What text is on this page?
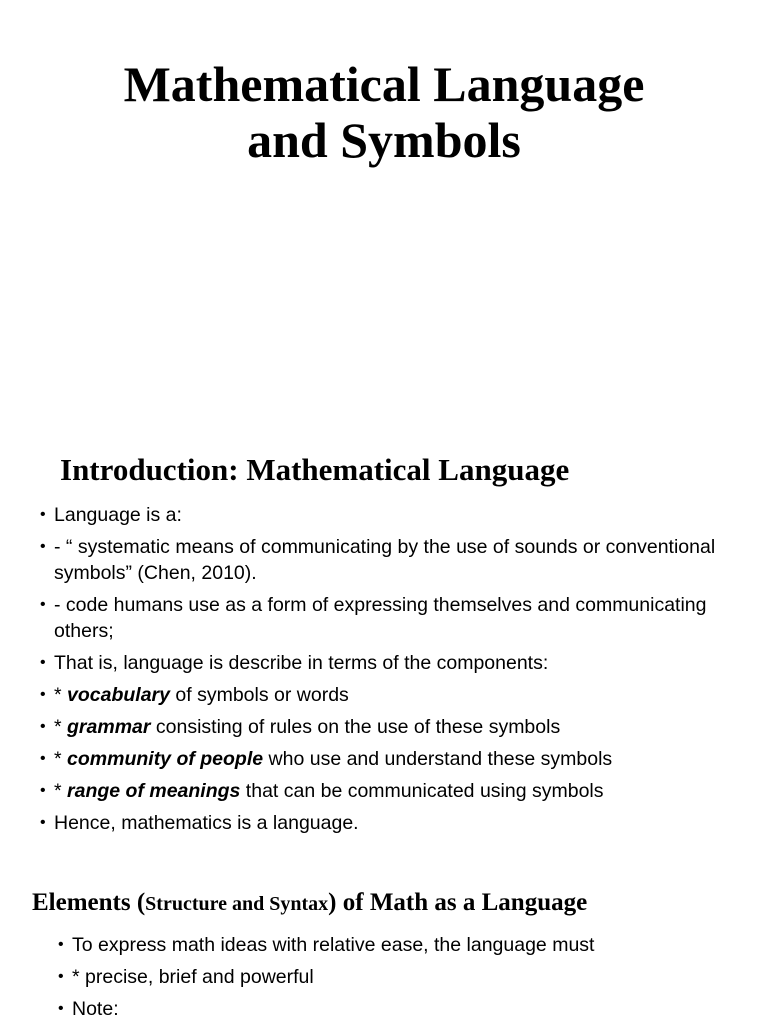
Mathematical Language
and Symbols
Introduction: Mathematical Language
• Language is a:
• - “ systematic means of communicating by the use of sounds or conventional symbols” (Chen, 2010).
• - code humans use as a form of expressing themselves and communicating others;
• That is, language is describe in terms of the components:
• * vocabulary of symbols or words
• * grammar consisting of rules on the use of these symbols
• * community of people who use and understand these symbols
• * range of meanings that can be communicated using symbols
• Hence, mathematics is a language.
Elements (Structure and Syntax) of Math as a Language
• To express math ideas with relative ease, the language must
• * precise, brief and powerful
• Note:
